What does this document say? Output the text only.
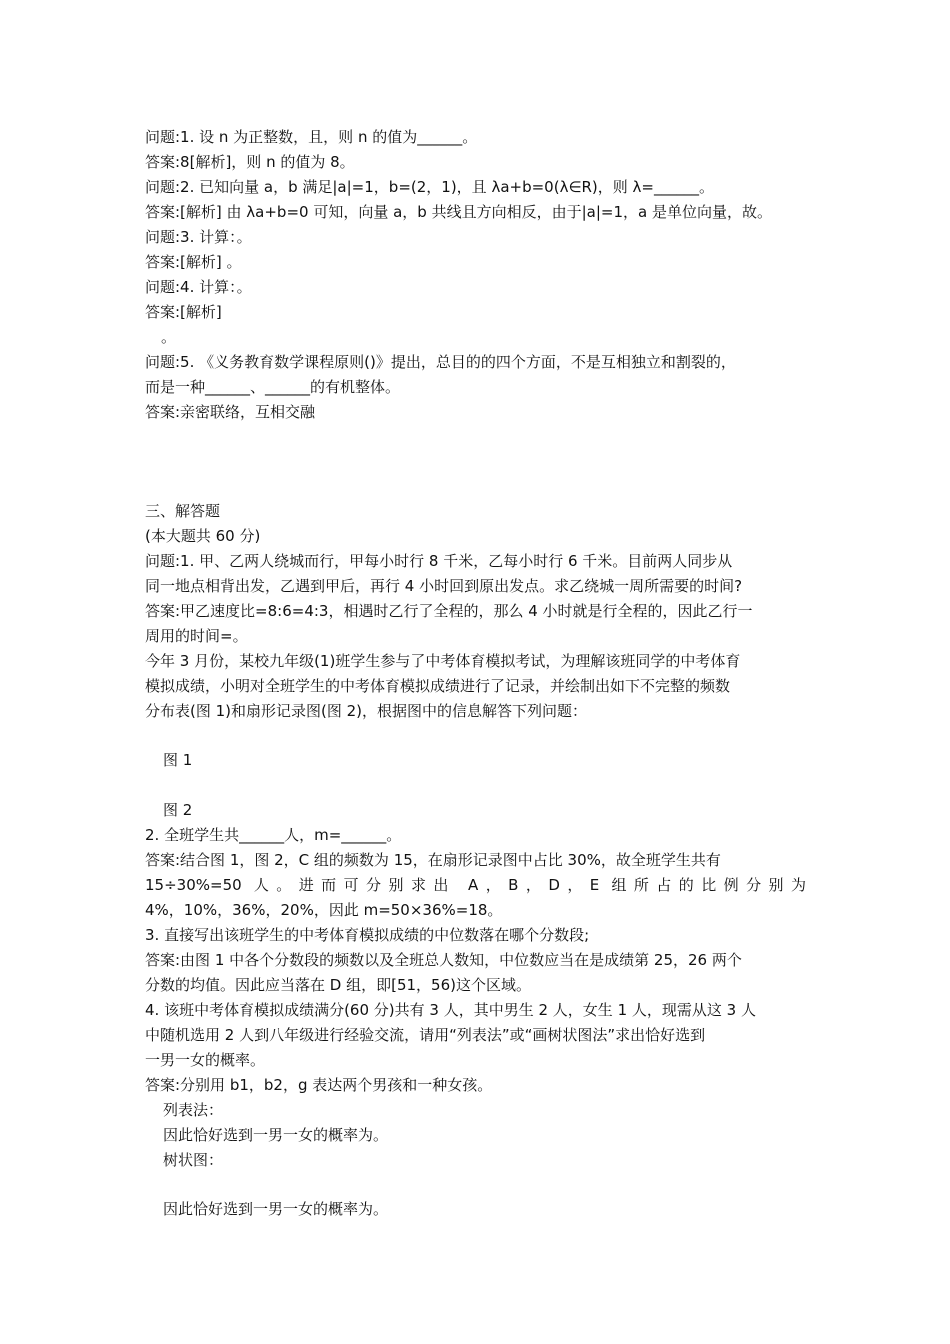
问题:1. 设 n 为正整数，且，则 n 的值为______。
答案:8[解析]，则 n 的值为 8。
问题:2. 已知向量 a，b 满足|a|=1，b=(2，1)，且 λa+b=0(λ∈R)，则 λ=______。
答案:[解析] 由 λa+b=0 可知，向量 a，b 共线且方向相反，由于|a|=1，a 是单位向量，故。
问题:3. 计算：。
答案:[解析] 。
问题:4. 计算：。
答案:[解析]
。
问题:5. 《义务教育数学课程原则()》提出，总目的的四个方面，不是互相独立和割裂的，
而是一种______、______的有机整体。
答案:亲密联络，互相交融
三、解答题
(本大题共 60 分)
问题:1. 甲、乙两人绕城而行，甲每小时行 8 千米，乙每小时行 6 千米。目前两人同步从
同一地点相背出发，乙遇到甲后，再行 4 小时回到原出发点。求乙绕城一周所需要的时间?
答案:甲乙速度比=8:6=4:3，相遇时乙行了全程的，那么 4 小时就是行全程的，因此乙行一
周用的时间=。
今年 3 月份，某校九年级(1)班学生参与了中考体育模拟考试，为理解该班同学的中考体育
模拟成绩，小明对全班学生的中考体育模拟成绩进行了记录，并绘制出如下不完整的频数
分布表(图 1)和扇形记录图(图 2)，根据图中的信息解答下列问题：
图 1
图 2
2. 全班学生共______人，m=______。
答案:结合图 1，图 2，C 组的频数为 15，在扇形记录图中占比 30%，故全班学生共有
15÷30%=50 人。进而可分别求出 A，B，D，E 组所占的比例分别为
4%，10%，36%，20%，因此 m=50×36%=18。
3. 直接写出该班学生的中考体育模拟成绩的中位数落在哪个分数段;
答案:由图 1 中各个分数段的频数以及全班总人数知，中位数应当在是成绩第 25，26 两个
分数的均值。因此应当落在 D 组，即[51，56)这个区域。
4. 该班中考体育模拟成绩满分(60 分)共有 3 人，其中男生 2 人，女生 1 人，现需从这 3 人
中随机选用 2 人到八年级进行经验交流，请用“列表法”或“画树状图法”求出恰好选到
一男一女的概率。
答案:分别用 b1，b2，g 表达两个男孩和一种女孩。
列表法：
因此恰好选到一男一女的概率为。
树状图：
因此恰好选到一男一女的概率为。
